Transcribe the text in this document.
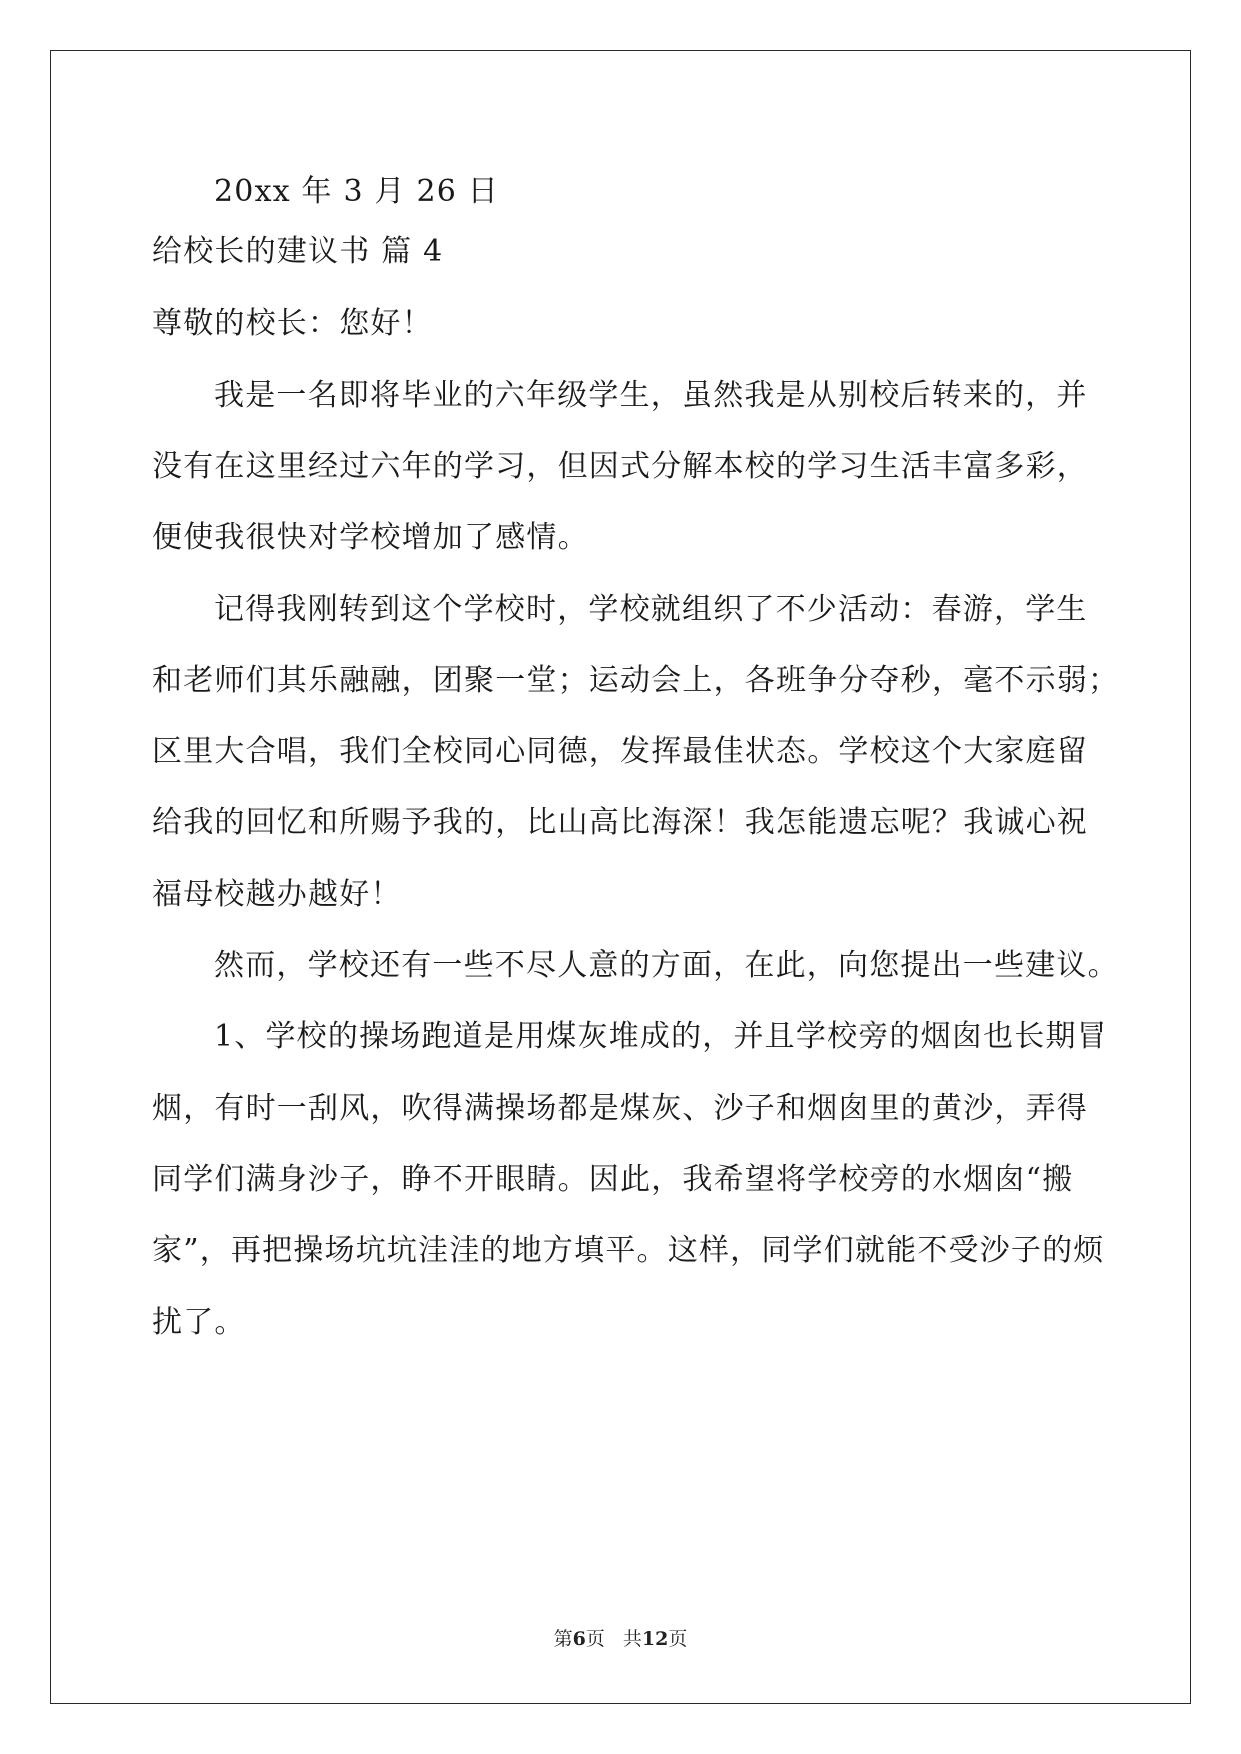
20xx 年 3 月 26 日
给校长的建议书 篇 4
尊敬的校长：您好！
我是一名即将毕业的六年级学生，虽然我是从别校后转来的，并
没有在这里经过六年的学习，但因式分解本校的学习生活丰富多彩，
便使我很快对学校增加了感情。
记得我刚转到这个学校时，学校就组织了不少活动：春游，学生
和老师们其乐融融，团聚一堂；运动会上，各班争分夺秒，毫不示弱；
区里大合唱，我们全校同心同德，发挥最佳状态。学校这个大家庭留
给我的回忆和所赐予我的，比山高比海深！我怎能遗忘呢？我诚心祝
福母校越办越好！
然而，学校还有一些不尽人意的方面，在此，向您提出一些建议。
1、学校的操场跑道是用煤灰堆成的，并且学校旁的烟囱也长期冒
烟，有时一刮风，吹得满操场都是煤灰、沙子和烟囱里的黄沙，弄得
同学们满身沙子，睁不开眼睛。因此，我希望将学校旁的水烟囱“搬
家”，再把操场坑坑洼洼的地方填平。这样，同学们就能不受沙子的烦
扰了。
第6页 共12页
